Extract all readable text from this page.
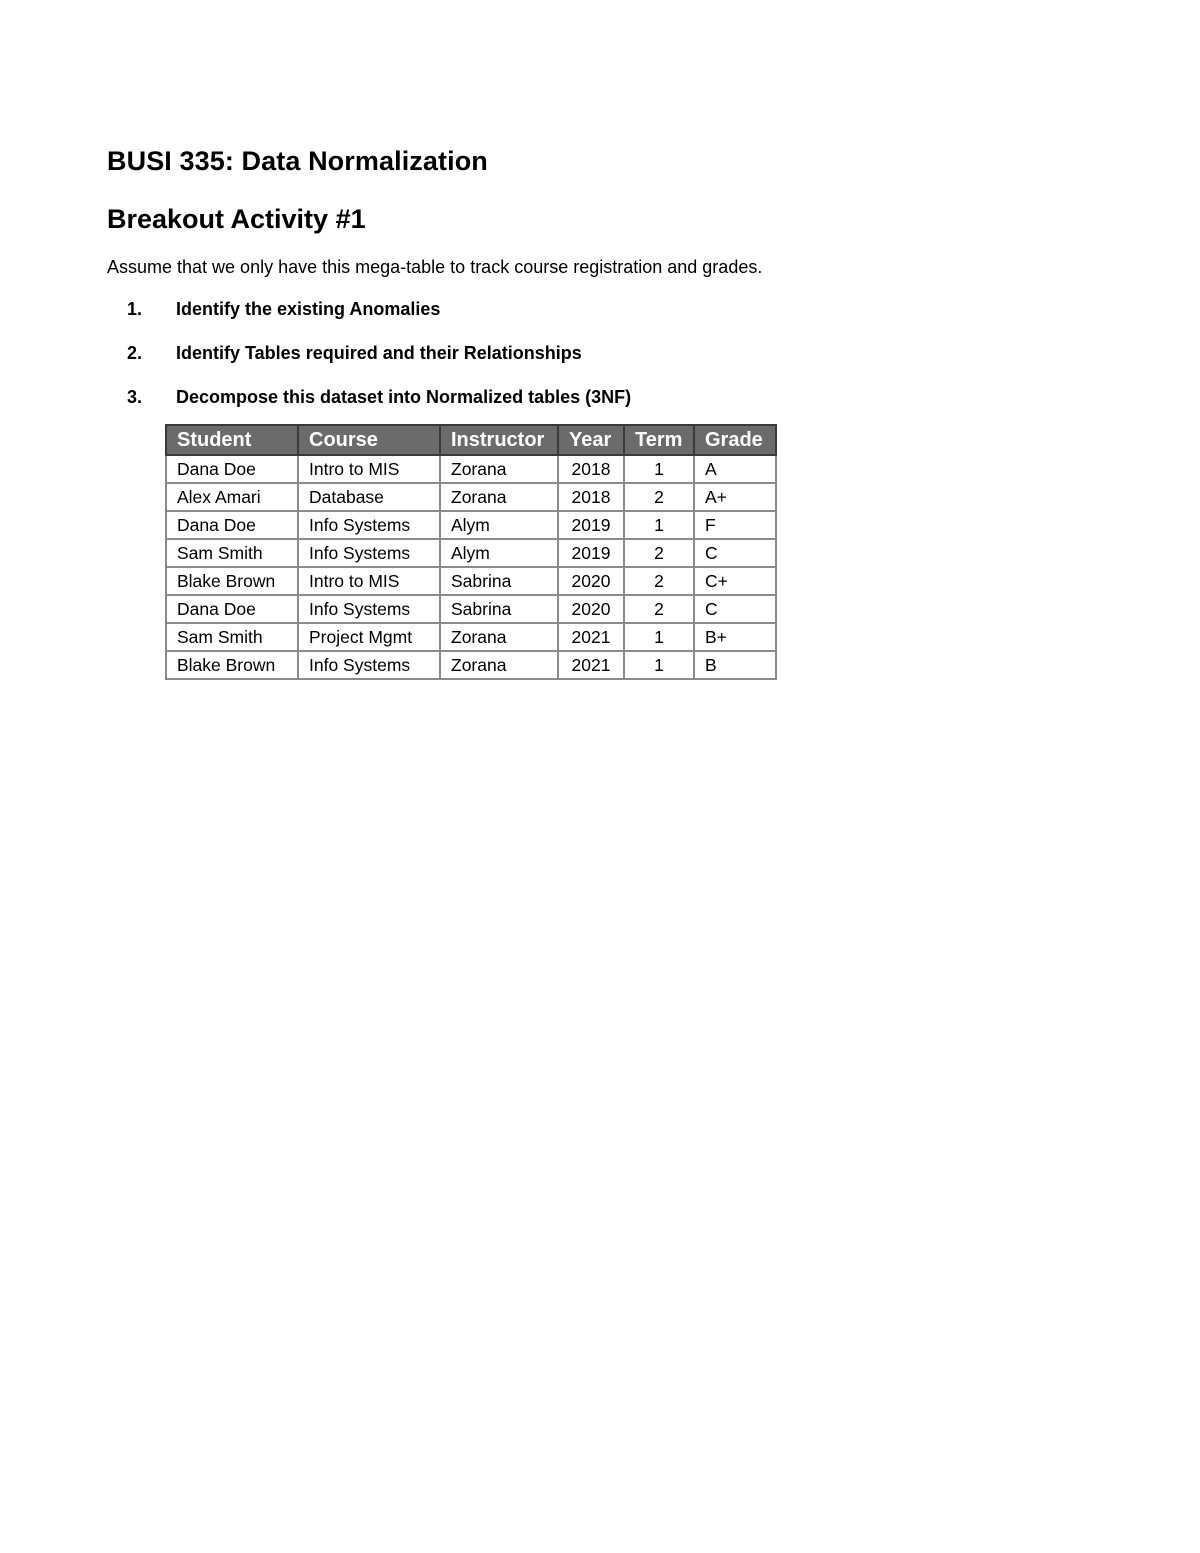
BUSI 335: Data Normalization
Breakout Activity #1

Assume that we only have this mega-table to track course registration and grades.

1.	Identify the existing Anomalies
2.	Identify Tables required and their Relationships
3.	Decompose this dataset into Normalized tables (3NF)
Student	Course	Instructor	Year	Term	Grade
Dana Doe	Intro to MIS	Zorana	2018	1	A
Alex Amari	Database	Zorana	2018	2	A+
Dana Doe	Info Systems	Alym	2019	1	F
Sam Smith	Info Systems	Alym	2019	2	C
Blake Brown	Intro to MIS	Sabrina	2020	2	C+
Dana Doe	Info Systems	Sabrina	2020	2	C
Sam Smith	Project Mgmt	Zorana	2021	1	B+
Blake Brown	Info Systems	Zorana	2021	1	B
